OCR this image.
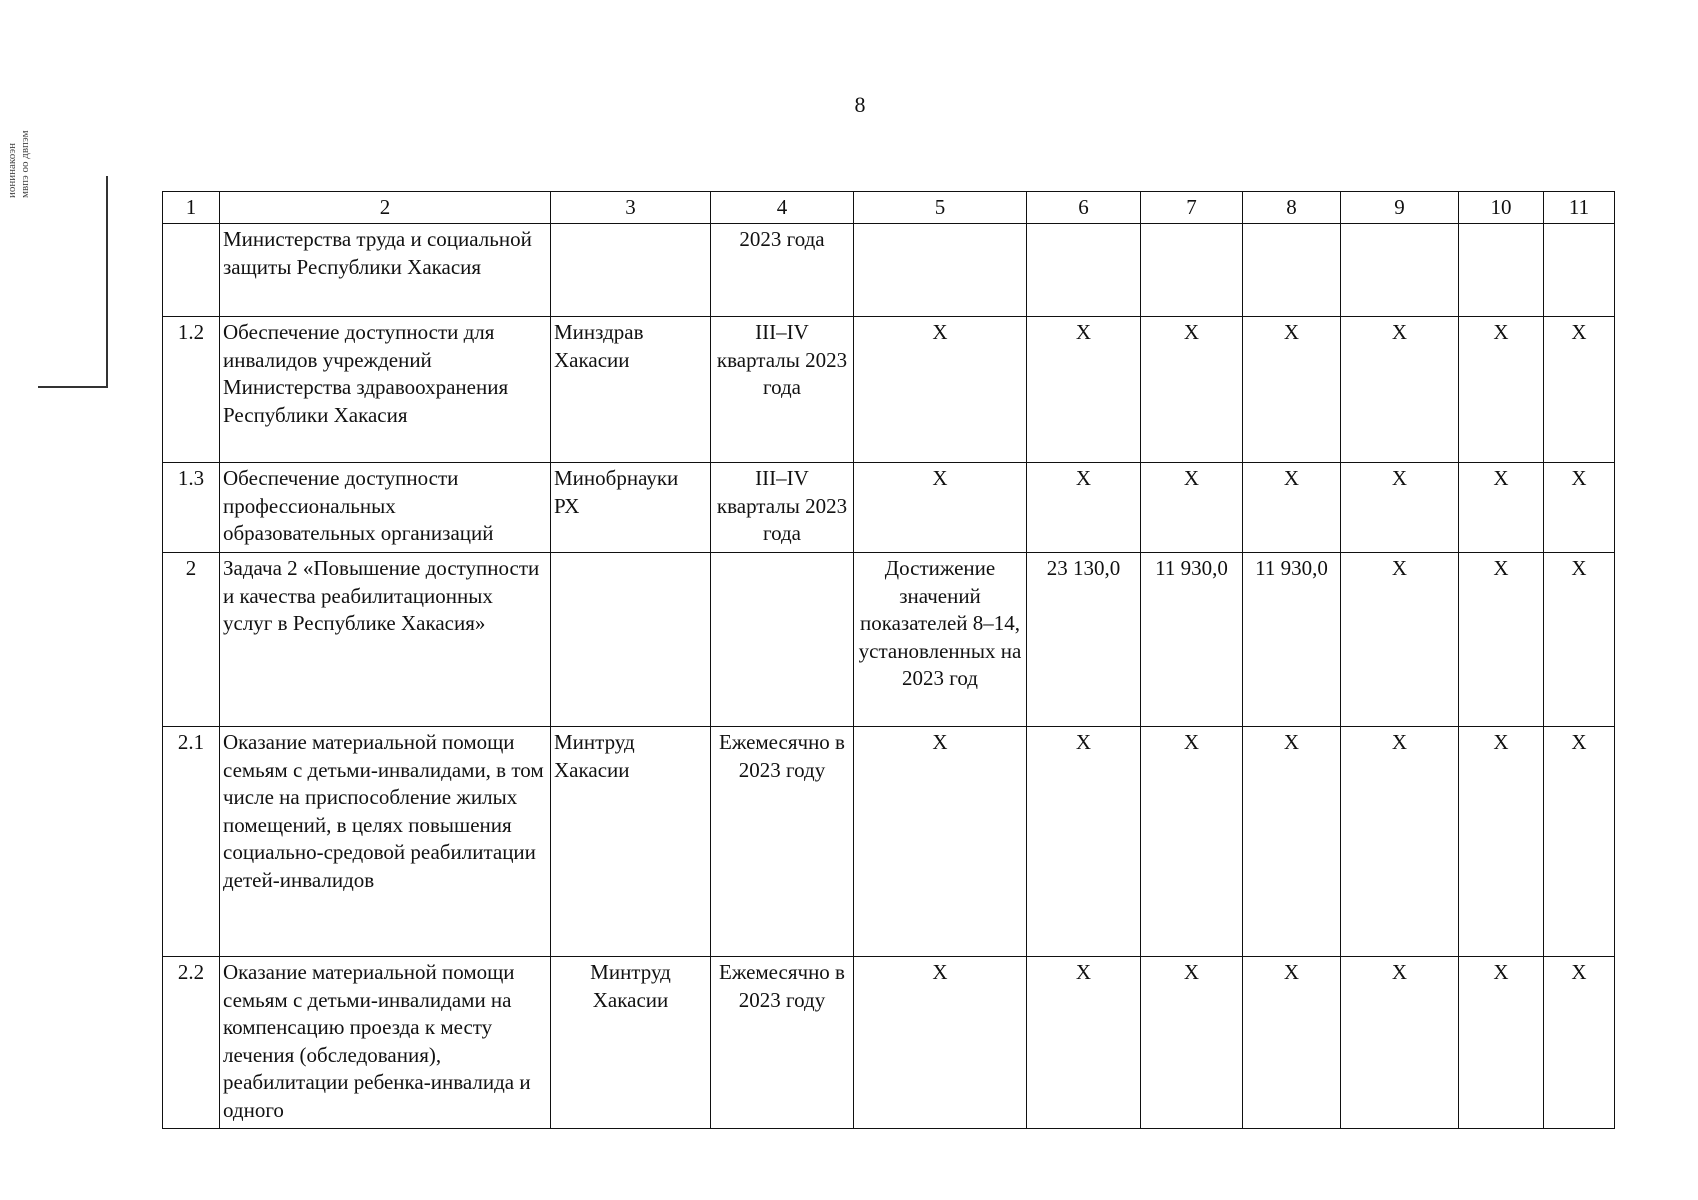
8
ионинакоэн
мвпэ оо двпэм
1	2	3	4	5	6	7	8	9	10	11
	Министерства труда и социальной защиты Республики Хакасия		2023 года							
1.2	Обеспечение доступности для инвалидов учреждений Министерства здравоохранения Республики Хакасия	Минздрав Хакасии	III–IV кварталы 2023 года	X	X	X	X	X	X	X
1.3	Обеспечение доступности профессиональных образовательных организаций	Минобрнауки РХ	III–IV кварталы 2023 года	X	X	X	X	X	X	X
2	Задача 2 «Повышение доступности и качества реабилитационных услуг в Республике Хакасия»			Достижение значений показателей 8–14, установленных на 2023 год	23 130,0	11 930,0	11 930,0	X	X	X
2.1	Оказание материальной помощи семьям с детьми-инвалидами, в том числе на приспособление жилых помещений, в целях повышения социально-средовой реабилитации детей-инвалидов	Минтруд Хакасии	Ежемесячно в 2023 году	X	X	X	X	X	X	X
2.2	Оказание материальной помощи семьям с детьми-инвалидами на компенсацию проезда к месту лечения (обследования), реабилитации ребенка-инвалида и одного	Минтруд Хакасии	Ежемесячно в 2023 году	X	X	X	X	X	X	X
